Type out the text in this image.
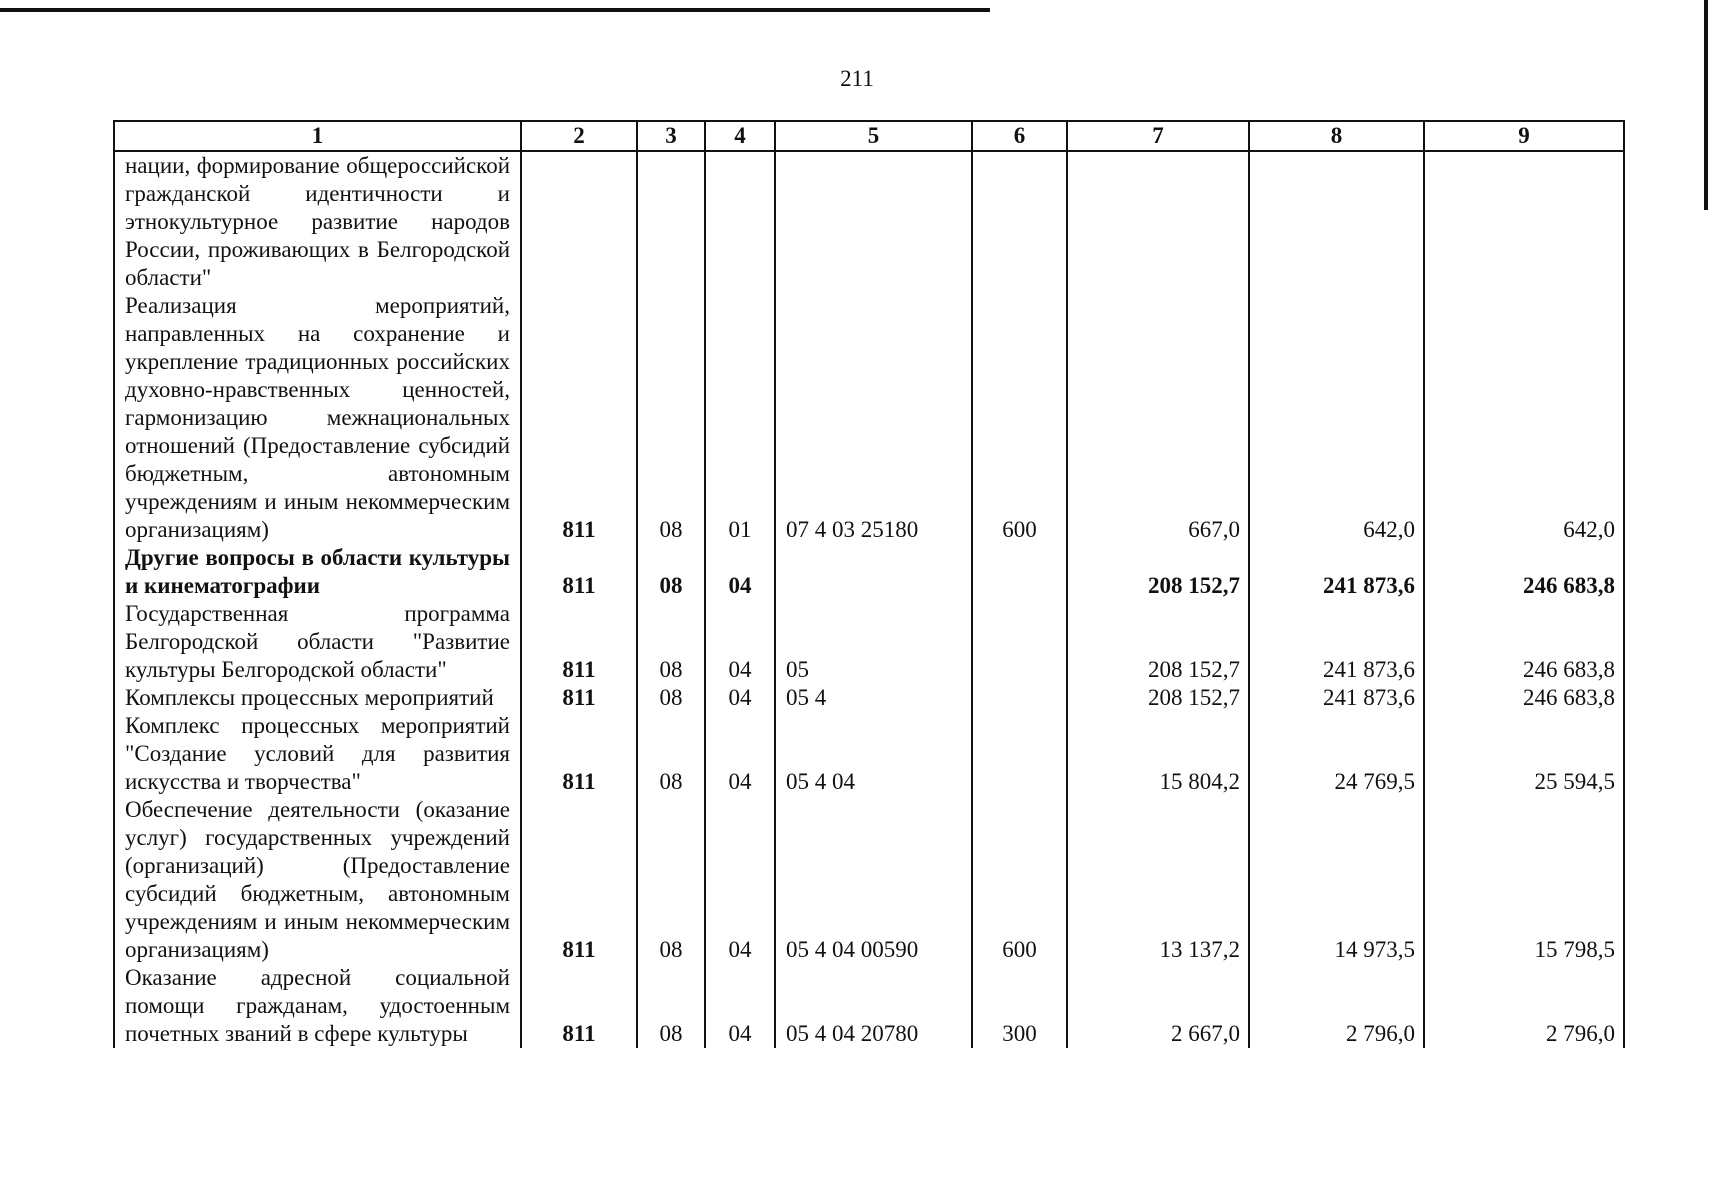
211
1	2	3	4	5	6	7	8	9
нации, формирование общероссийской гражданской идентичности и этнокультурное развитие народов России, проживающих в Белгородской области"								
Реализация мероприятий, направленных на сохранение и укрепление традиционных российских духовно-нравственных ценностей, гармонизацию межнациональных отношений (Предоставление субсидий бюджетным, автономным учреждениям и иным некоммерческим организациям)	811	08	01	07 4 03 25180	600	667,0	642,0	642,0
Другие вопросы в области культуры и кинематографии	811	08	04			208 152,7	241 873,6	246 683,8
Государственная программа Белгородской области "Развитие культуры Белгородской области"	811	08	04	05		208 152,7	241 873,6	246 683,8
Комплексы процессных мероприятий	811	08	04	05 4		208 152,7	241 873,6	246 683,8
Комплекс процессных мероприятий "Создание условий для развития искусства и творчества"	811	08	04	05 4 04		15 804,2	24 769,5	25 594,5
Обеспечение деятельности (оказание услуг) государственных учреждений (организаций) (Предоставление субсидий бюджетным, автономным учреждениям и иным некоммерческим организациям)	811	08	04	05 4 04 00590	600	13 137,2	14 973,5	15 798,5
Оказание адресной социальной помощи гражданам, удостоенным почетных званий в сфере культуры	811	08	04	05 4 04 20780	300	2 667,0	2 796,0	2 796,0
